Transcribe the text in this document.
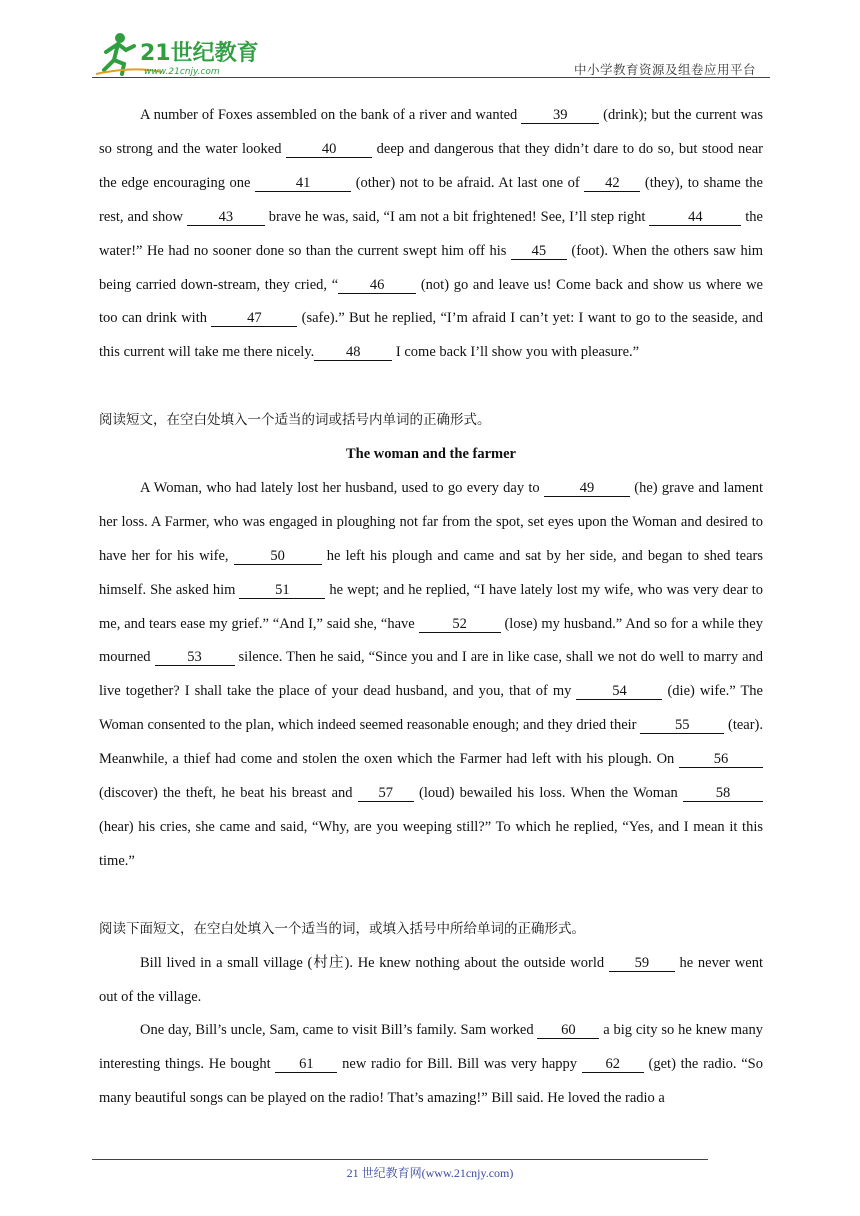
21世纪教育
www.21cnjy.com	中小学教育资源及组卷应用平台

A number of Foxes assembled on the bank of a river and wanted 39 (drink); but the current was so strong and the water looked 40 deep and dangerous that they didn’t dare to do so, but stood near the edge encouraging one	41	(other) not to be afraid. At last one of 42 (they), to shame the rest, and show 43 brave he was, said, “I am not a bit frightened! See, I’ll step right	44	the water!” He had no sooner done so than the current swept him off his 45 (foot). When the others saw him being carried down-stream, they cried, “ 46 (not) go and leave us! Come back and show us where we too can drink with 47 (safe).” But he replied, “I’m afraid I can’t yet: I want to go to the seaside, and this current will take me there nicely. 48 I come back I’ll show you with pleasure.”

阅读短文，在空白处填入一个适当的词或括号内单词的正确形式。

The woman and the farmer

A Woman, who had lately lost her husband, used to go every day to 49 (he) grave and lament her loss. A Farmer, who was engaged in ploughing not far from the spot, set eyes upon the Woman and desired to have her for his wife,	50	he left his plough and came and sat by her side, and began to shed tears himself. She asked him 51 he wept; and he replied, “I have lately lost my wife, who was very dear to me, and tears ease my grief.” “And I,” said she, “have 52 (lose) my husband.” And so for a while they mourned 53 silence. Then he said, “Since you and I are in like case, shall we not do well to marry and live together? I shall take the place of your dead husband, and you, that of my 54 (die) wife.” The Woman consented to the plan, which indeed seemed reasonable enough; and they dried their 55 (tear). Meanwhile, a thief had come and stolen the oxen which the Farmer had left with his plough. On 56 (discover) the theft, he beat his breast and 57 (loud) bewailed his loss. When the Woman 58 (hear) his cries, she came and said, “Why, are you weeping still?” To which he replied, “Yes, and I mean it this time.”

阅读下面短文，在空白处填入一个适当的词，或填入括号中所给单词的正确形式。

Bill lived in a small village (村庄). He knew nothing about the outside world 59 he never went out of the village.

One day, Bill’s uncle, Sam, came to visit Bill’s family. Sam worked 60 a big city so he knew many interesting things. He bought 61 new radio for Bill. Bill was very happy 62 (get) the radio. “So many beautiful songs can be played on the radio! That’s amazing!” Bill said. He loved the radio a

21 世纪教育网(www.21cnjy.com)
